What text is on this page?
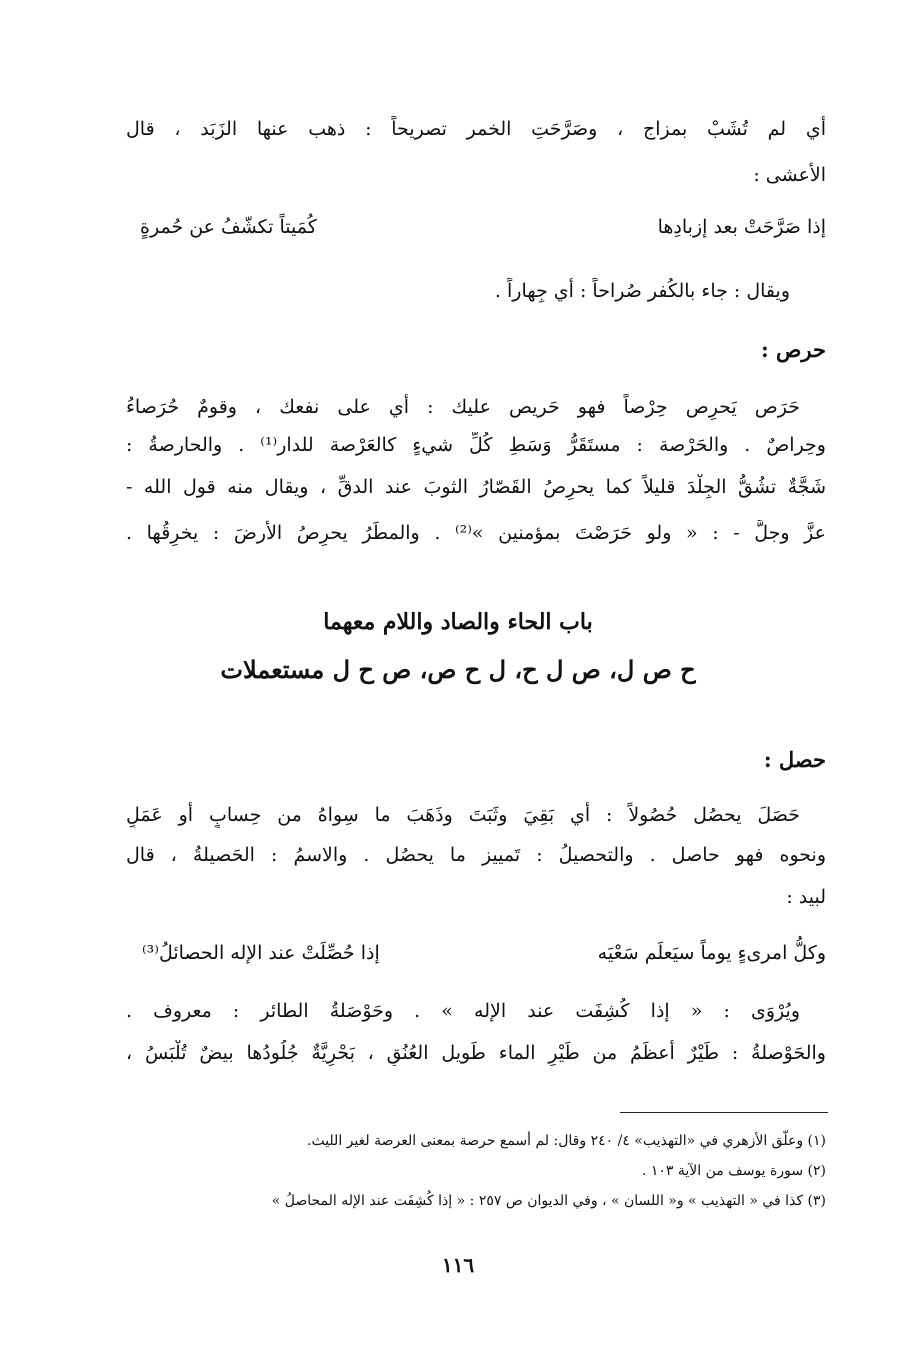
أي لم تُشَبْ بمزاج ، وصَرَّحَتِ الخمر تصريحاً : ذهب عنها الزَبَد ، قال
الأعشى :
إذا صَرَّحَتْ بعد إزبادِها
كُمَيتاً تكشّفُ عن حُمرةٍ
ويقال : جاء بالكُفر صُراحاً : أي جِهاراً .
حرص :
حَرَص يَحرِص حِرْصاً فهو حَريص عليك : أي على نفعك ، وقومٌ حُرَصاءُ
وحِراصٌ . والحَرْصة : مستَقَرُّ وَسَطِ كُلِّ شيءٍ كالعَرْصة للدار⁽¹⁾ . والحارصةُ :
شَجَّةٌ تشُقُّ الجِلْدَ قليلاً كما يحرِصُ القَصّارُ الثوبَ عند الدقِّ ، ويقال منه قول الله -
عزَّ وجلَّ - : « ولو حَرَصْتَ بمؤمنين »⁽²⁾ . والمطَرُ يحرِصُ الأرضَ : يخرِقُها .
باب الحاء والصاد واللام معهما
ح ص ل، ص ل ح، ل ح ص، ص ح ل مستعملات
حصل :
حَصَلَ يحصُل حُصُولاً : أي بَقِيَ وثَبَتَ وذَهَبَ ما سِواهُ من حِسابٍ أو عَمَلٍ
ونحوه فهو حاصل . والتحصيلُ : تَمييز ما يحصُل . والاسمُ : الحَصيلةُ ، قال
لبيد :
وكلُّ امرىءٍ يوماً سيَعلَم سَعْيَه
إذا حُصِّلَتْ عند الإله الحصائلُ⁽³⁾
ويُرْوَى : « إذا كُشِفَت عند الإله » . وحَوْصَلةُ الطائر : معروف .
والحَوْصلةُ : طَيْرٌ أعظَمُ من طَيْرِ الماء طَويل العُنُقِ ، بَحْرِيَّةٌ جُلُودُها بيضٌ تُلْبَسُ ،
(١) وعلّق الأزهري في «التهذيب» ٤/ ٢٤٠ وقال: لم أسمع حرصة بمعنى العرصة لغير الليث.
(٢) سورة يوسف من الآية ١٠٣ .
(٣) كذا في « التهذيب » و« اللسان » ، وفي الديوان ص ٢٥٧ : « إذا كُشِفَت عند الإله المحاصلُ »
١١٦
